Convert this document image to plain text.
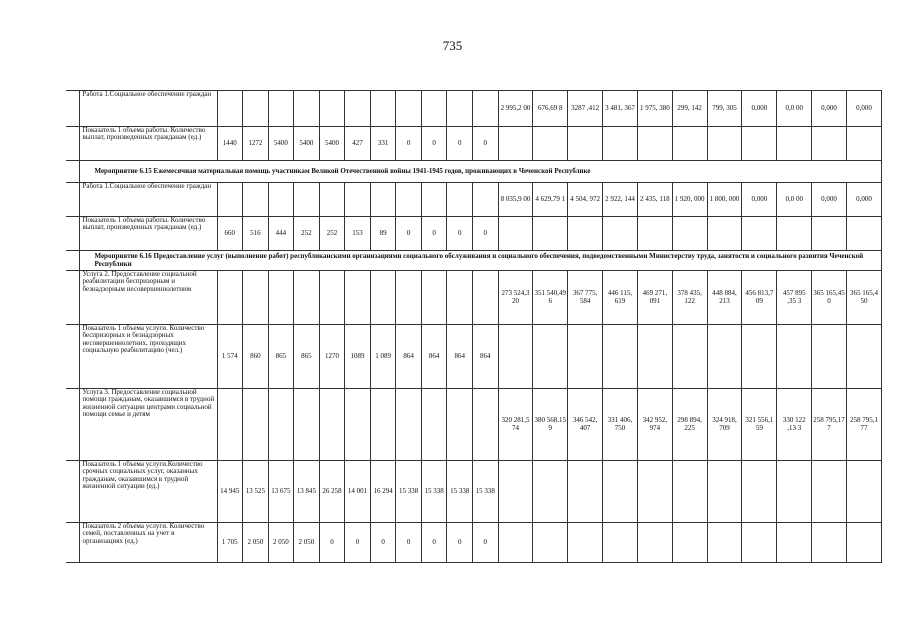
735
	Работа 1.Социальное обеспечение граждан												2 995,2 00	676,69 8	3287 ,412	3 481, 367	1 975, 380	299, 142	799, 305	0,000	0,0 00	0,000	0,000
	Показатель 1 объема работы. Количество выплат, произведенных гражданам (ед.)	1440	1272	5400	5400	5400	427	331	0	0	0	0											
	Мероприятие 6.15 Ежемесячная материальная помощь участникам Великой Отечественной войны 1941-1945 годов, проживающих в Чеченской Республике																						
	Работа 1.Социальное обеспечение граждан												8 035,9 00	4 629,79 1	4 504, 972	2 922, 144	2 435, 118	1 920, 000	1 800, 000	0,000	0,0 00	0,000	0,000
	Показатель 1 объема работы. Количество выплат, произведенных гражданам (ед.)	660	516	444	252	252	153	89	0	0	0	0											
	Мероприятие 6.16 Предоставление услуг (выполнение работ) республиканскими организациями социального обслуживания и социального обеспечения, подведомственными Министерству труда, занятости и социального развития Чеченской Республики																						
	Услуга 2. Предоставление социальной реабилитации беспризорным и безнадзорным несовершеннолетним												273 524,3 20	351 540,49 6	367 775, 584	446 115, 619	469 271, 091	378 435, 122	448 884, 213	456 813,7 09	457 895 ,35 3	365 165,45 0	365 165,4 50
	Показатель 1 объема услуги. Количество беспризорных и безнадзорных несовершеннолетних, проходящих социальную реабилитацию (чел.)	1 574	860	865	865	1270	1089	1 089	864	864	864	864											
	Услуга 3. Предоставление социальной помощи гражданам, оказавшимся в трудной жизненной ситуации центрами социальной помощи семье и детям												320 281,5 74	380 568,15 9	346 542, 407	331 406, 750	342 952, 974	298 894, 225	324 918, 709	321 556,1 59	330 122 ,13 3	258 795,17 7	258 795,1 77
	Показатель 1 объема услуги.Количество срочных социальных услуг, оказанных гражданам, оказавшимся в трудной жизненной ситуации (ед.)	14 945	13 525	13 675	13 845	26 258	14 001	16 294	15 338	15 338	15 338	15 338											
	Показатель 2 объема услуги. Количество семей, поставленных на учет в организациях (ед.)	1 705	2 050	2 050	2 050	0	0	0	0	0	0	0											
